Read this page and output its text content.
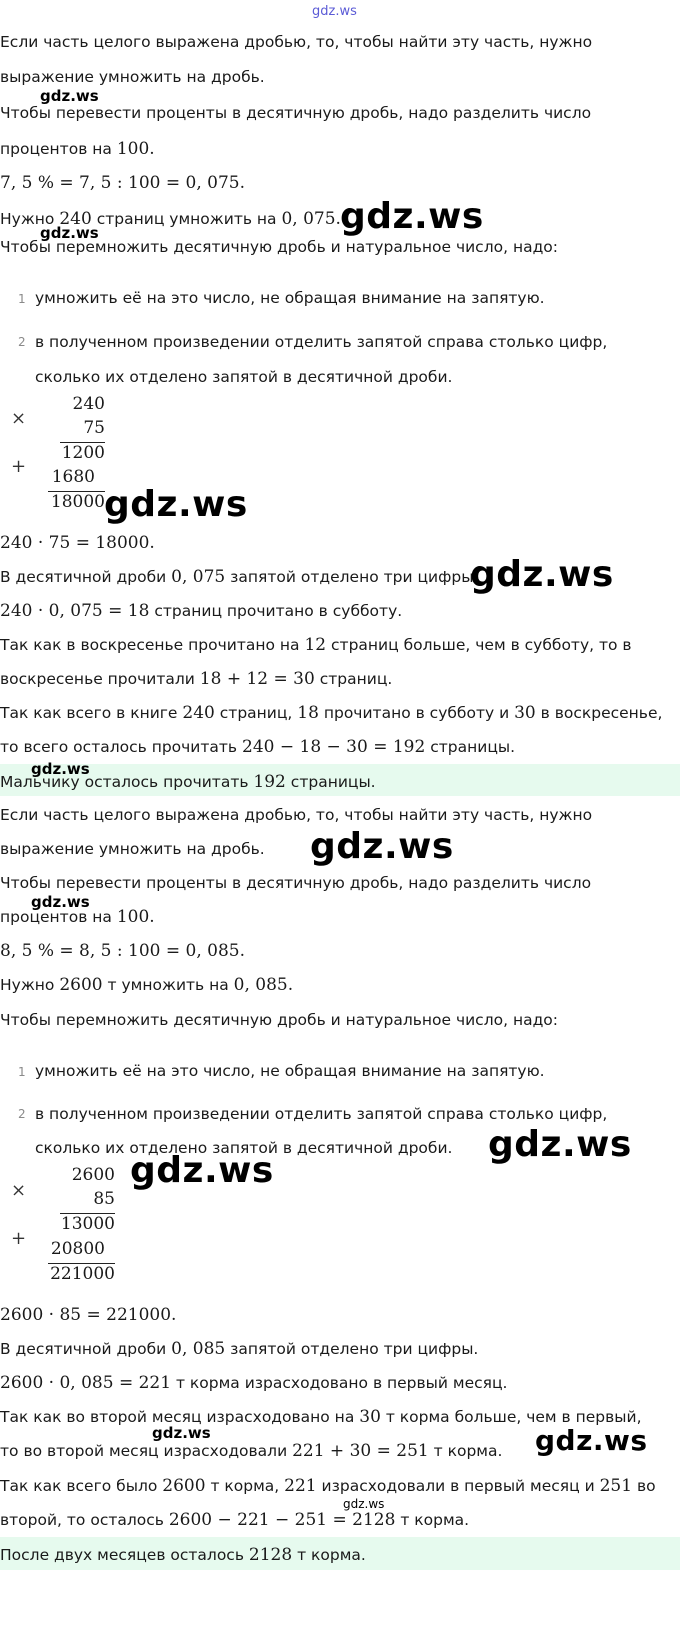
gdz.ws
Если часть целого выражена дробью, то, чтобы найти эту часть, нужно
выражение умножить на дробь.
gdz.ws
Чтобы перевести проценты в десятичную дробь, надо разделить число
процентов на 100.
7, 5 % = 7, 5 : 100 = 0, 075.
Нужно 240 страниц умножить на 0, 075. gdz.ws
gdz.ws
Чтобы перемножить десятичную дробь и натуральное число, надо:
1 умножить её на это число, не обращая внимание на запятую.
2 в полученном произведении отделить запятой справа столько цифр,
сколько их отделено запятой в десятичной дроби.
×
240
75
1200
+ 1680
18000 gdz.ws
240 · 75 = 18000.
В десятичной дроби 0, 075 запятой отделено три цифры.
gdz.ws
240 · 0, 075 = 18 страниц прочитано в субботу.
Так как в воскресенье прочитано на 12 страниц больше, чем в субботу, то в
воскресенье прочитали 18 + 12 = 30 страниц.
Так как всего в книге 240 страниц, 18 прочитано в субботу и 30 в воскресенье,
то всего осталось прочитать 240 − 18 − 30 = 192 страницы.
gdz.ws
Мальчику осталось прочитать 192 страницы.
Если часть целого выражена дробью, то, чтобы найти эту часть, нужно
выражение умножить на дробь. gdz.ws
Чтобы перевести проценты в десятичную дробь, надо разделить число
gdz.ws
процентов на 100.
8, 5 % = 8, 5 : 100 = 0, 085.
Нужно 2600 т умножить на 0, 085.
Чтобы перемножить десятичную дробь и натуральное число, надо:
1 умножить её на это число, не обращая внимание на запятую.
2 в полученном произведении отделить запятой справа столько цифр,
сколько их отделено запятой в десятичной дроби. gdz.ws
×
2600
85
13000
+ 20800
221000
gdz.ws
2600 · 85 = 221000.
В десятичной дроби 0, 085 запятой отделено три цифры.
2600 · 0, 085 = 221 т корма израсходовано в первый месяц.
Так как во второй месяц израсходовано на 30 т корма больше, чем в первый,
gdz.ws
то во второй месяц израсходовали 221 + 30 = 251 т корма. gdz.ws
Так как всего было 2600 т корма, 221 израсходовали в первый месяц и 251 во
gdz.ws
второй, то осталось 2600 − 221 − 251 = 2128 т корма.
После двух месяцев осталось 2128 т корма.
